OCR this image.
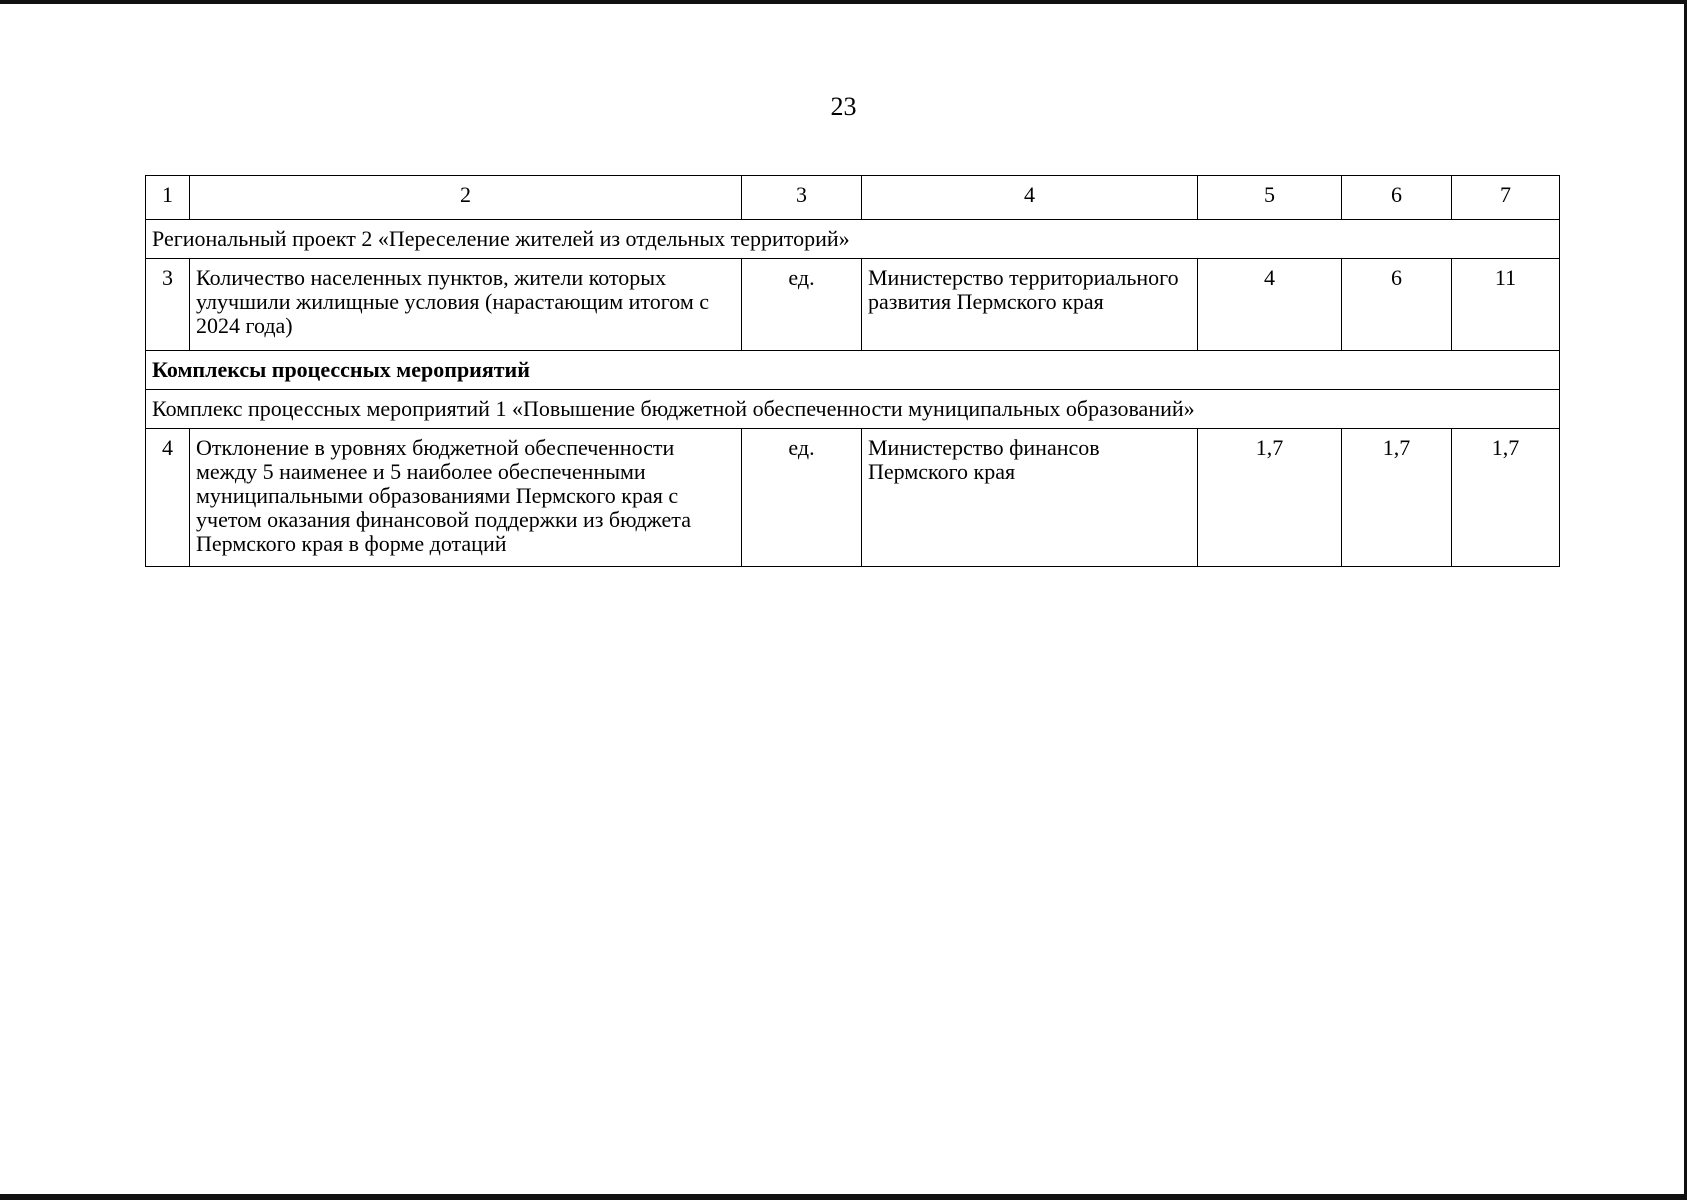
23
1	2	3	4	5	6	7
Региональный проект 2 «Переселение жителей из отдельных территорий»						
3	Количество населенных пунктов, жители которых улучшили жилищные условия (нарастающим итогом с 2024 года)	ед.	Министерство территориального развития Пермского края	4	6	11
Комплексы процессных мероприятий						
Комплекс процессных мероприятий 1 «Повышение бюджетной обеспеченности муниципальных образований»						
4	Отклонение в уровнях бюджетной обеспеченности между 5 наименее и 5 наиболее обеспеченными муниципальными образованиями Пермского края с учетом оказания финансовой поддержки из бюджета Пермского края в форме дотаций	ед.	Министерство финансов Пермского края	1,7	1,7	1,7
